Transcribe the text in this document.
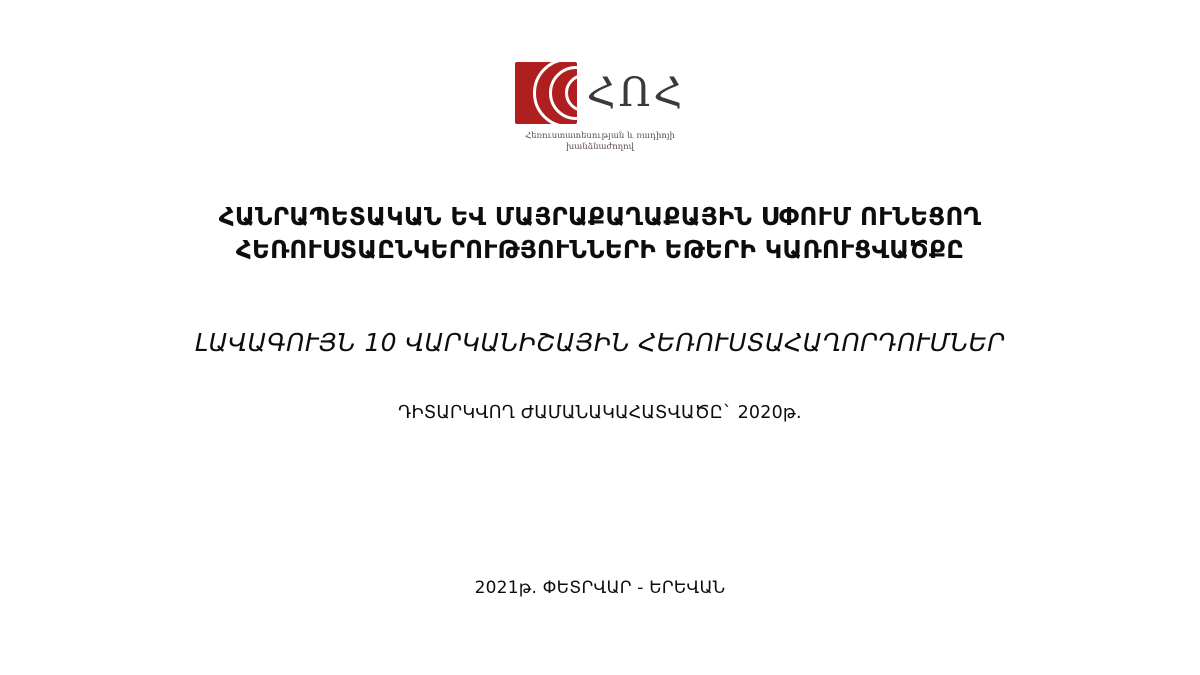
ՀՈՀ
Հեռուստատեսության և ռադիոյի խանձնաժողով
ՀԱՆՐԱՊԵՏԱԿԱՆ ԵՎ ՄԱՅՐԱՔԱՂԱՔԱՅԻՆ ՍՓՈՒՄ ՈՒՆԵՑՈՂ ՀԵՌՈՒՍՏԱԸՆԿԵՐՈՒԹՅՈՒՆՆԵՐԻ ԵԹԵՐԻ ԿԱՌՈՒՑՎԱԾՔԸ
ԼԱՎԱԳՈՒՅՆ 10 ՎԱՐԿԱՆԻՇԱՅԻՆ ՀԵՌՈՒՍՏԱՀԱՂՈՐԴՈՒՄՆԵՐ
ԴԻՏԱՐԿՎՈՂ ԺԱՄԱՆԱԿԱՀԱՏՎԱԾԸ` 2020թ.
2021թ. ՓԵՏՐՎԱՐ - ԵՐԵՎԱՆ
